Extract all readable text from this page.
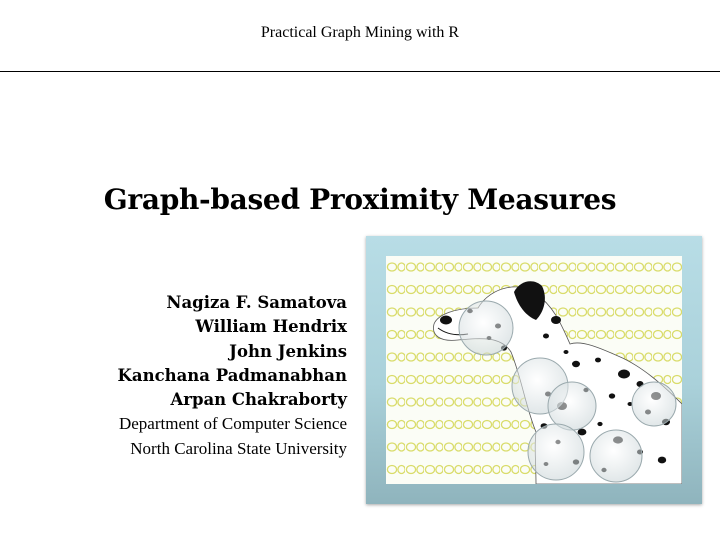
Practical Graph Mining with R
Graph-based Proximity Measures
Nagiza F. Samatova
William Hendrix
John Jenkins
Kanchana Padmanabhan
Arpan Chakraborty
Department of Computer Science
North Carolina State University
